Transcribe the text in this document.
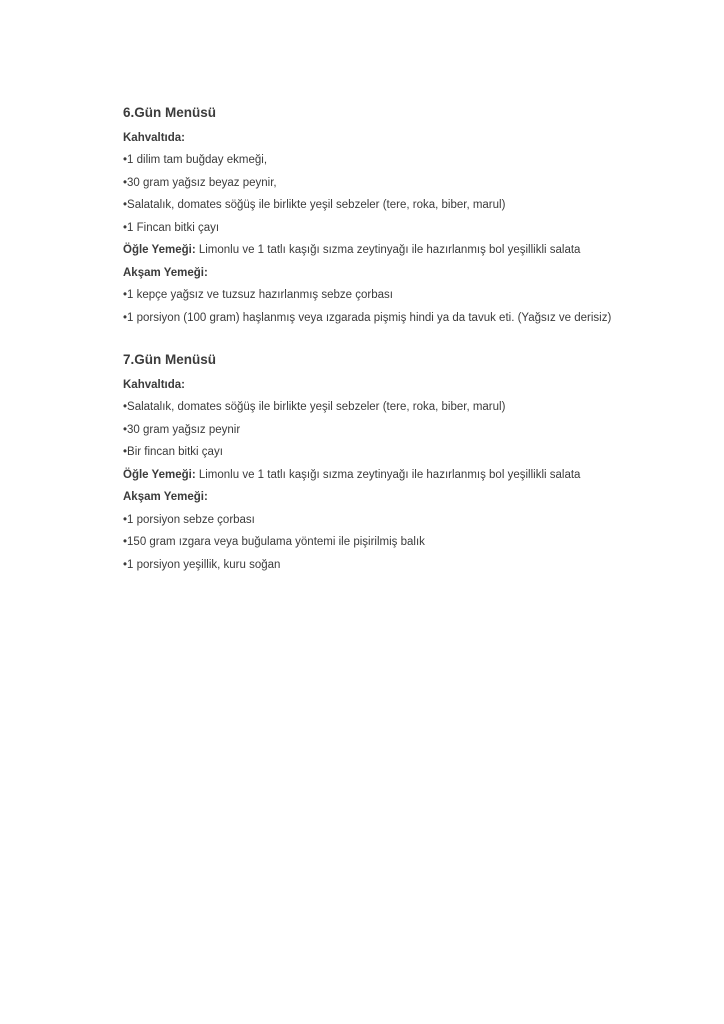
6.Gün Menüsü

Kahvaltıda:

•1 dilim tam buğday ekmeği,

•30 gram yağsız beyaz peynir,

•Salatalık, domates söğüş ile birlikte yeşil sebzeler (tere, roka, biber, marul)

•1 Fincan bitki çayı

Öğle Yemeği: Limonlu ve 1 tatlı kaşığı sızma zeytinyağı ile hazırlanmış bol yeşillikli salata

Akşam Yemeği:

•1 kepçe yağsız ve tuzsuz hazırlanmış sebze çorbası

•1 porsiyon (100 gram) haşlanmış veya ızgarada pişmiş hindi ya da tavuk eti. (Yağsız ve derisiz)

7.Gün Menüsü

Kahvaltıda:

•Salatalık, domates söğüş ile birlikte yeşil sebzeler (tere, roka, biber, marul)

•30 gram yağsız peynir

•Bir fincan bitki çayı

Öğle Yemeği: Limonlu ve 1 tatlı kaşığı sızma zeytinyağı ile hazırlanmış bol yeşillikli salata

Akşam Yemeği:

•1 porsiyon sebze çorbası

•150 gram ızgara veya buğulama yöntemi ile pişirilmiş balık

•1 porsiyon yeşillik, kuru soğan
